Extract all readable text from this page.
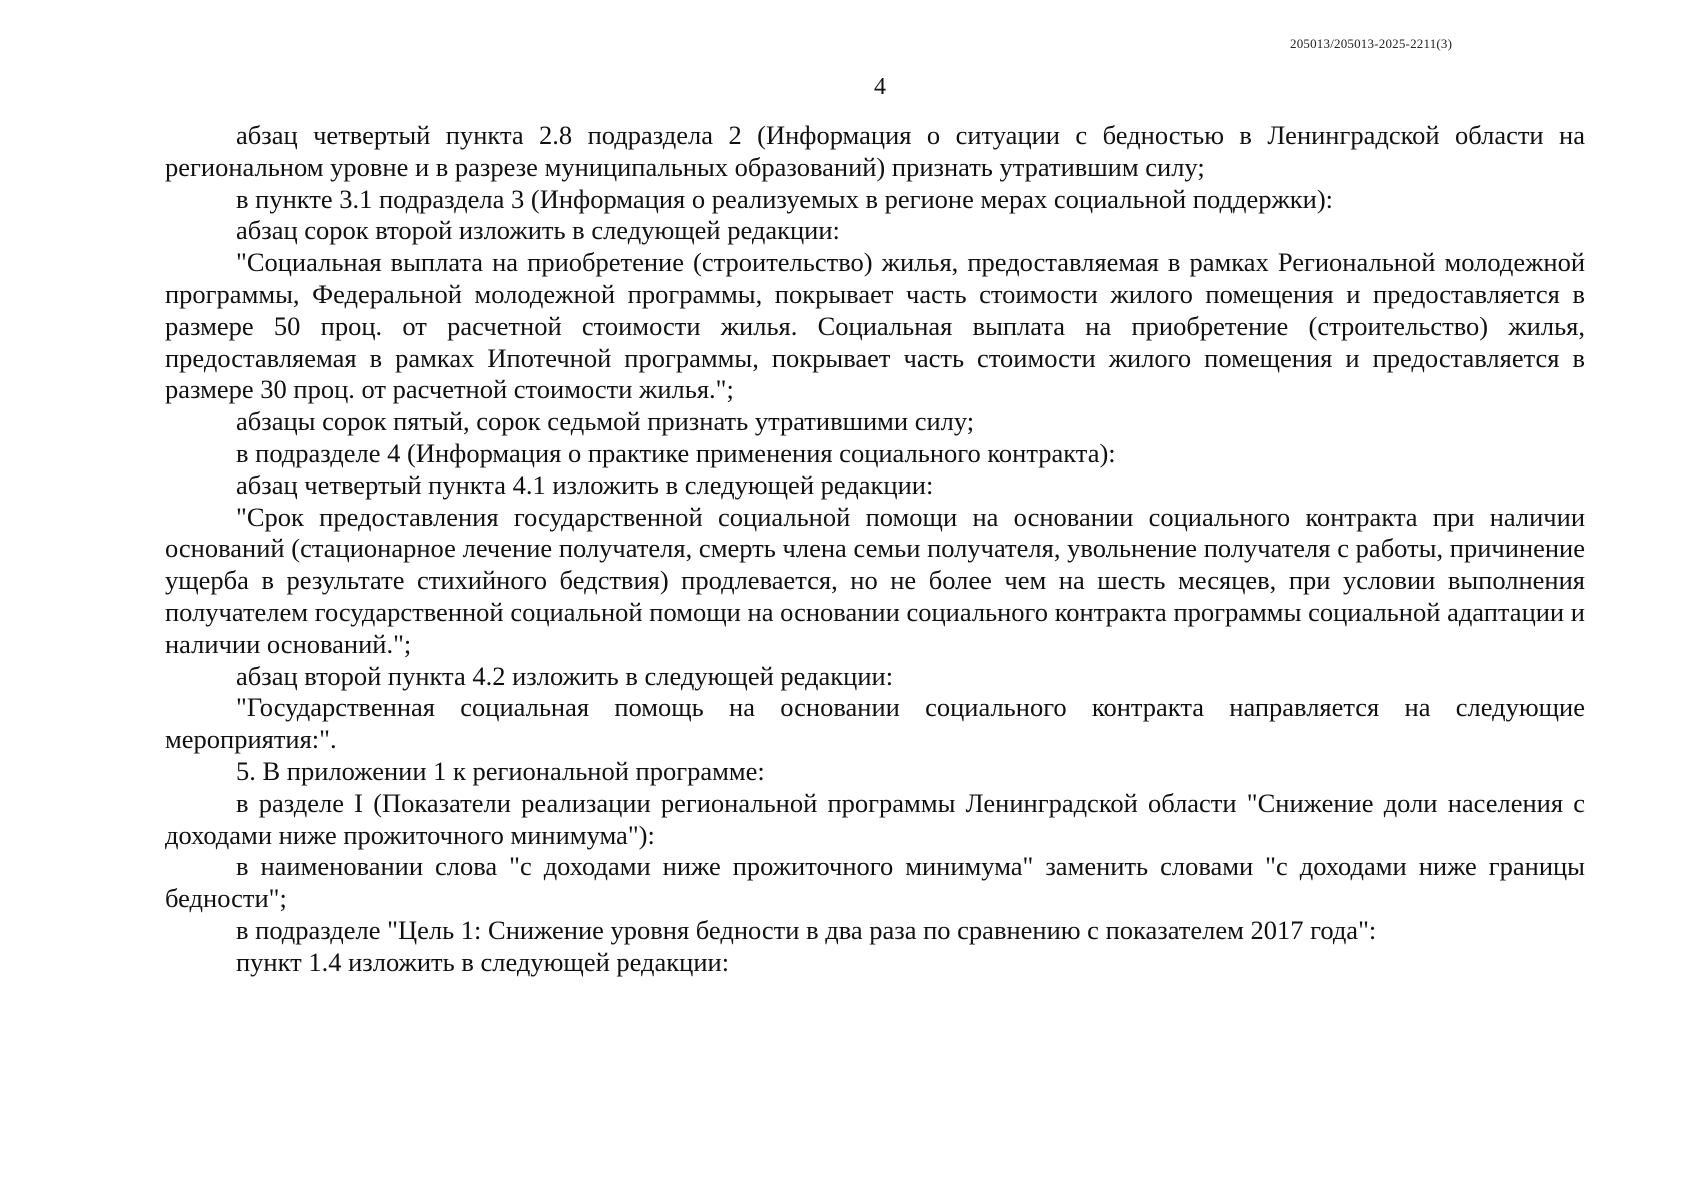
205013/205013-2025-2211(3)
4

абзац четвертый пункта 2.8 подраздела 2 (Информация о ситуации с бедностью в Ленинградской области на региональном уровне и в разрезе муниципальных образований) признать утратившим силу;

в пункте 3.1 подраздела 3 (Информация о реализуемых в регионе мерах социальной поддержки):

абзац сорок второй изложить в следующей редакции:

"Социальная выплата на приобретение (строительство) жилья, предоставляемая в рамках Региональной молодежной программы, Федеральной молодежной программы, покрывает часть стоимости жилого помещения и предоставляется в размере 50 проц. от расчетной стоимости жилья. Социальная выплата на приобретение (строительство) жилья, предоставляемая в рамках Ипотечной программы, покрывает часть стоимости жилого помещения и предоставляется в размере 30 проц. от расчетной стоимости жилья.";

абзацы сорок пятый, сорок седьмой признать утратившими силу;

в подразделе 4 (Информация о практике применения социального контракта):

абзац четвертый пункта 4.1 изложить в следующей редакции:

"Срок предоставления государственной социальной помощи на основании социального контракта при наличии оснований (стационарное лечение получателя, смерть члена семьи получателя, увольнение получателя с работы, причинение ущерба в результате стихийного бедствия) продлевается, но не более чем на шесть месяцев, при условии выполнения получателем государственной социальной помощи на основании социального контракта программы социальной адаптации и наличии оснований.";

абзац второй пункта 4.2 изложить в следующей редакции:

"Государственная социальная помощь на основании социального контракта направляется на следующие мероприятия:".

5. В приложении 1 к региональной программе:

в разделе I (Показатели реализации региональной программы Ленинградской области "Снижение доли населения с доходами ниже прожиточного минимума"):

в наименовании слова "с доходами ниже прожиточного минимума" заменить словами "с доходами ниже границы бедности";

в подразделе "Цель 1: Снижение уровня бедности в два раза по сравнению с показателем 2017 года":

пункт 1.4 изложить в следующей редакции:
